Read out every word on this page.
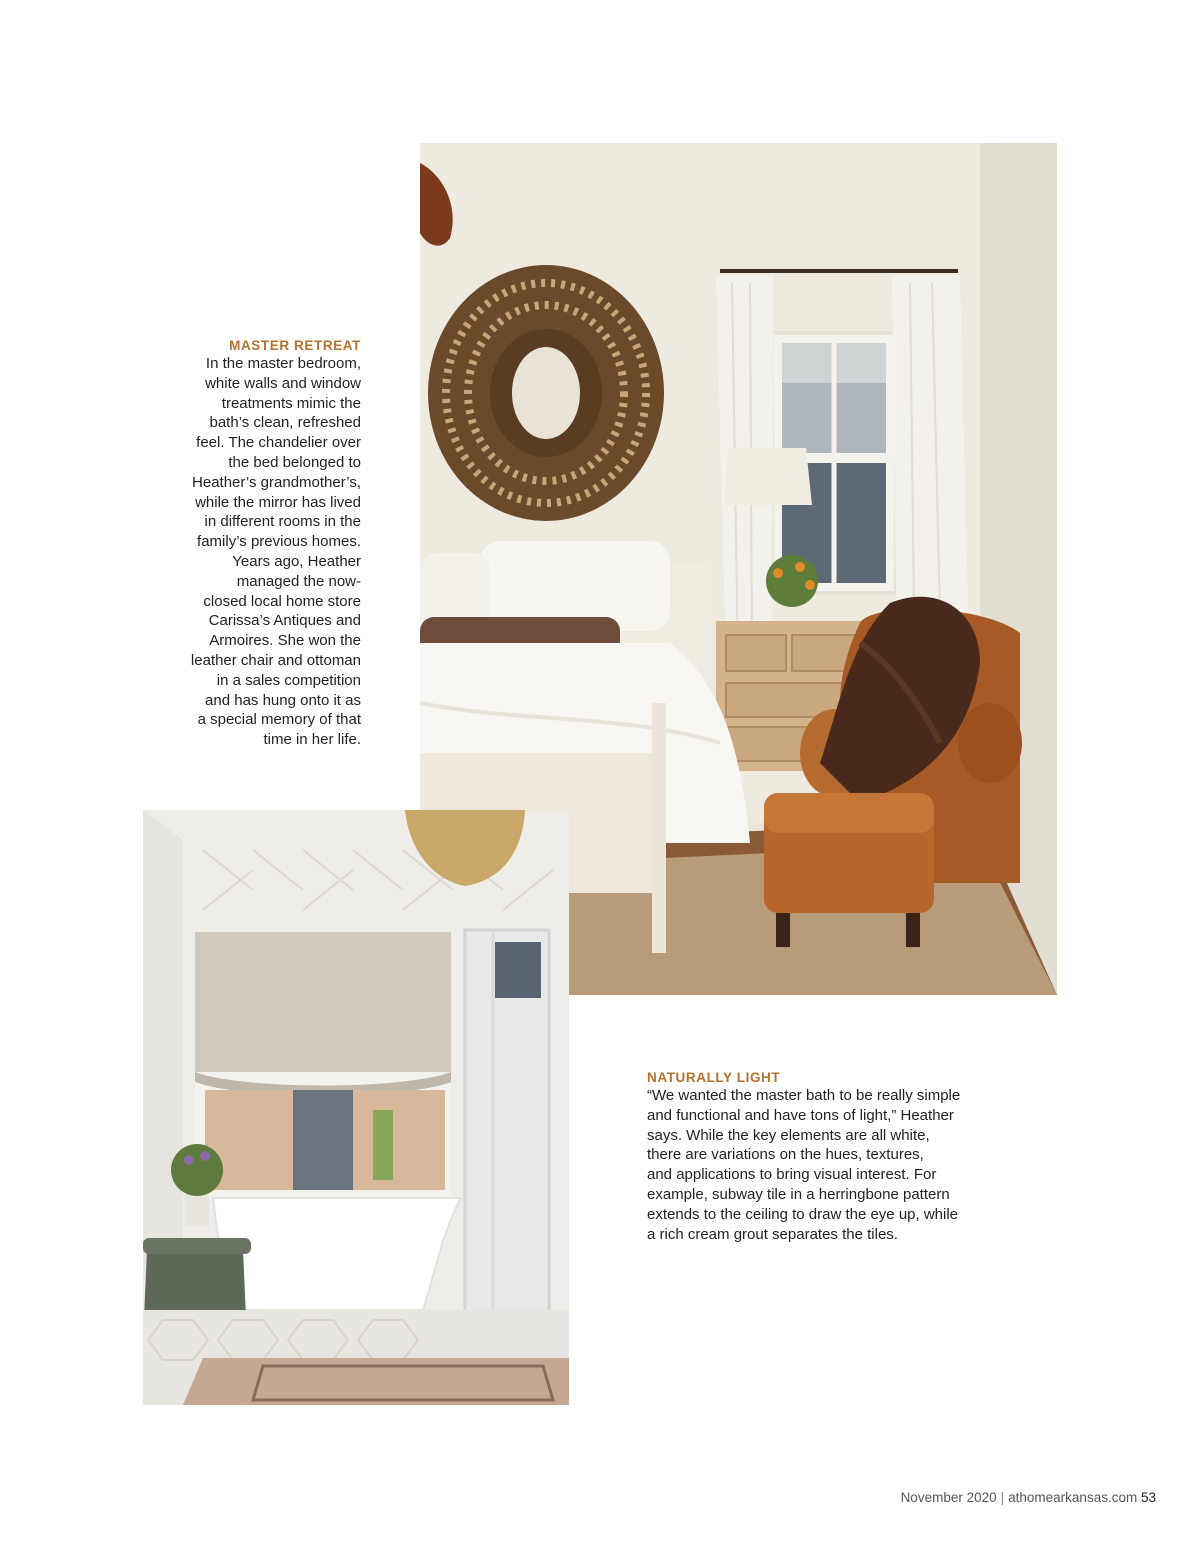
MASTER RETREAT
In the master bedroom,
white walls and window
treatments mimic the
bath’s clean, refreshed
feel. The chandelier over
the bed belonged to
Heather’s grandmother’s,
while the mirror has lived
in different rooms in the
family’s previous homes.
Years ago, Heather
managed the now-
closed local home store
Carissa’s Antiques and
Armoires. She won the
leather chair and ottoman
in a sales competition
and has hung onto it as
a special memory of that
time in her life.
NATURALLY LIGHT
“We wanted the master bath to be really simple
and functional and have tons of light,” Heather
says. While the key elements are all white,
there are variations on the hues, textures,
and applications to bring visual interest. For
example, subway tile in a herringbone pattern
extends to the ceiling to draw the eye up, while
a rich cream grout separates the tiles.
November 2020 | athomearkansas.com 53
